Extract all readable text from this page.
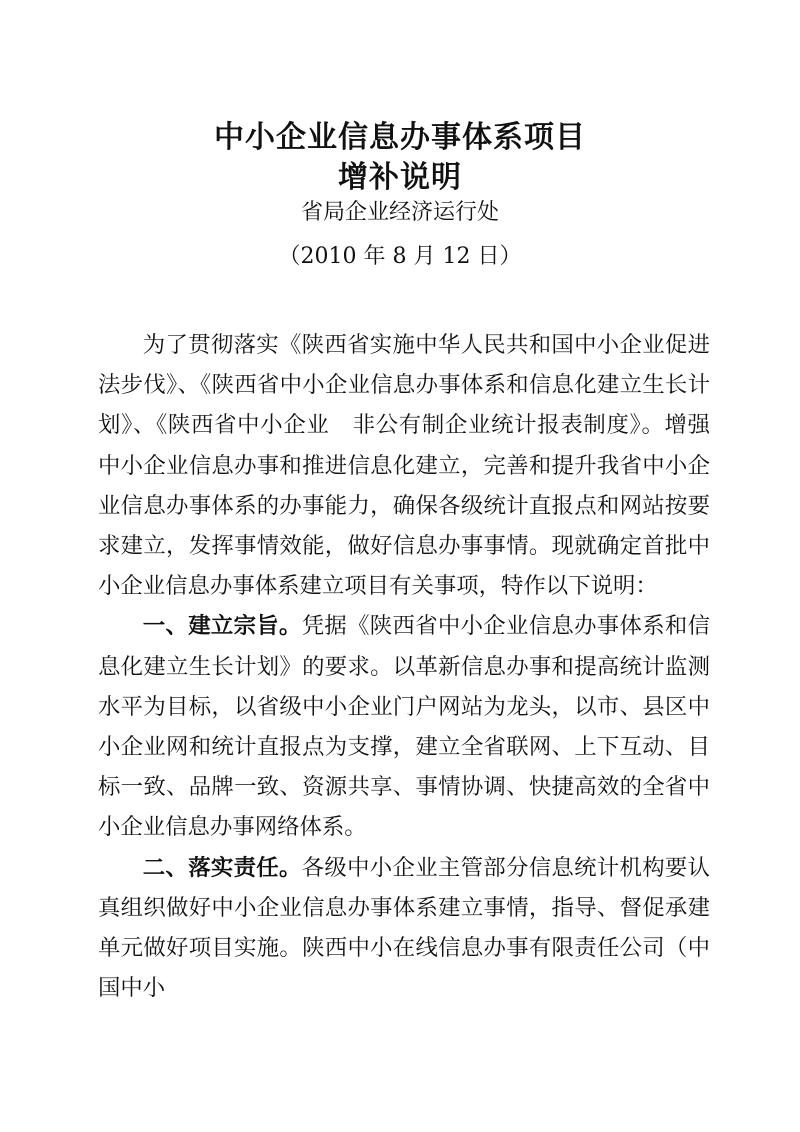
中小企业信息办事体系项目
增补说明
省局企业经济运行处
（2010 年 8 月 12 日）

为了贯彻落实《陕西省实施中华人民共和国中小企业促进法步伐》、《陕西省中小企业信息办事体系和信息化建立生长计划》、《陕西省中小企业　非公有制企业统计报表制度》。增强中小企业信息办事和推进信息化建立，完善和提升我省中小企业信息办事体系的办事能力，确保各级统计直报点和网站按要求建立，发挥事情效能，做好信息办事事情。现就确定首批中小企业信息办事体系建立项目有关事项，特作以下说明：

一、建立宗旨。凭据《陕西省中小企业信息办事体系和信息化建立生长计划》的要求。以革新信息办事和提高统计监测水平为目标，以省级中小企业门户网站为龙头，以市、县区中小企业网和统计直报点为支撑，建立全省联网、上下互动、目标一致、品牌一致、资源共享、事情协调、快捷高效的全省中小企业信息办事网络体系。

二、落实责任。各级中小企业主管部分信息统计机构要认真组织做好中小企业信息办事体系建立事情，指导、督促承建单元做好项目实施。陕西中小在线信息办事有限责任公司（中国中小
